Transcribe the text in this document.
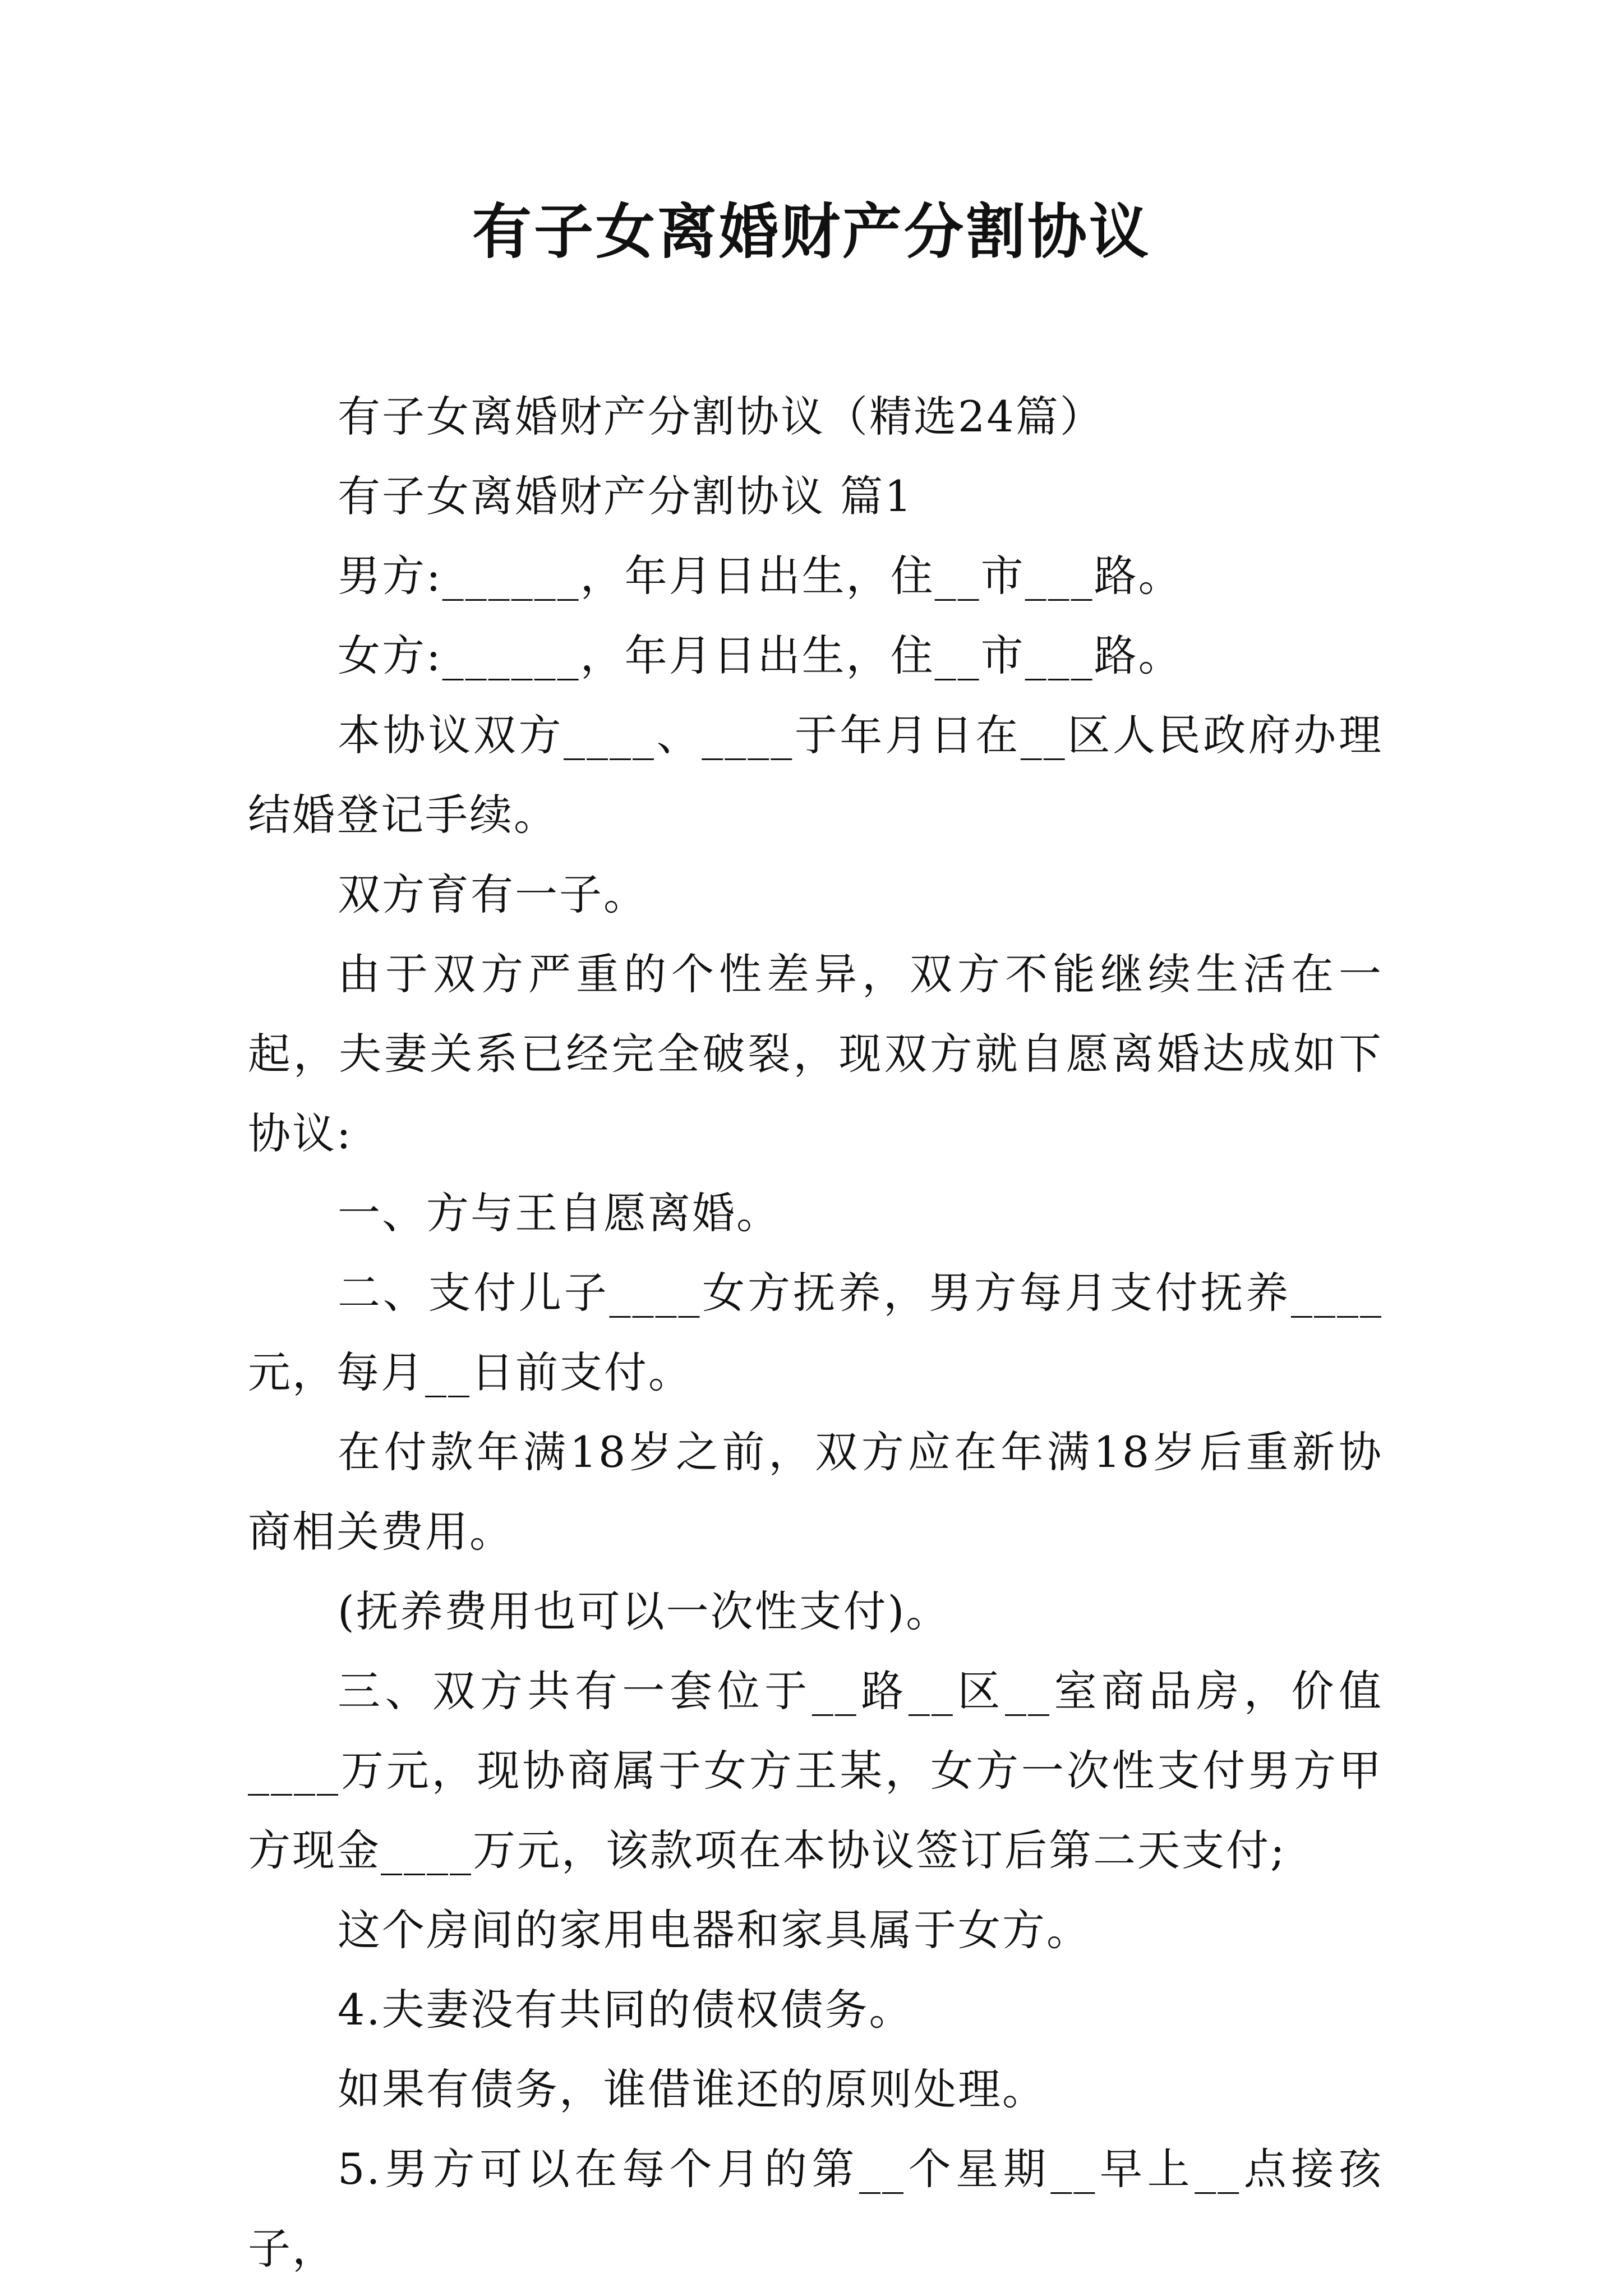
有子女离婚财产分割协议

有子女离婚财产分割协议（精选24篇）

有子女离婚财产分割协议 篇1

男方:______，年月日出生，住__市___路。

女方:______，年月日出生，住__市___路。

本协议双方____、____于年月日在__区人民政府办理结婚登记手续。

双方育有一子。

由于双方严重的个性差异，双方不能继续生活在一起，夫妻关系已经完全破裂，现双方就自愿离婚达成如下协议:

一、方与王自愿离婚。

二、支付儿子____女方抚养，男方每月支付抚养____元，每月__日前支付。

在付款年满18岁之前，双方应在年满18岁后重新协商相关费用。

(抚养费用也可以一次性支付)。

三、双方共有一套位于__路__区__室商品房，价值____万元，现协商属于女方王某，女方一次性支付男方甲方现金____万元，该款项在本协议签订后第二天支付;

这个房间的家用电器和家具属于女方。

4.夫妻没有共同的债权债务。

如果有债务，谁借谁还的原则处理。

5.男方可以在每个月的第__个星期__早上__点接孩子，
